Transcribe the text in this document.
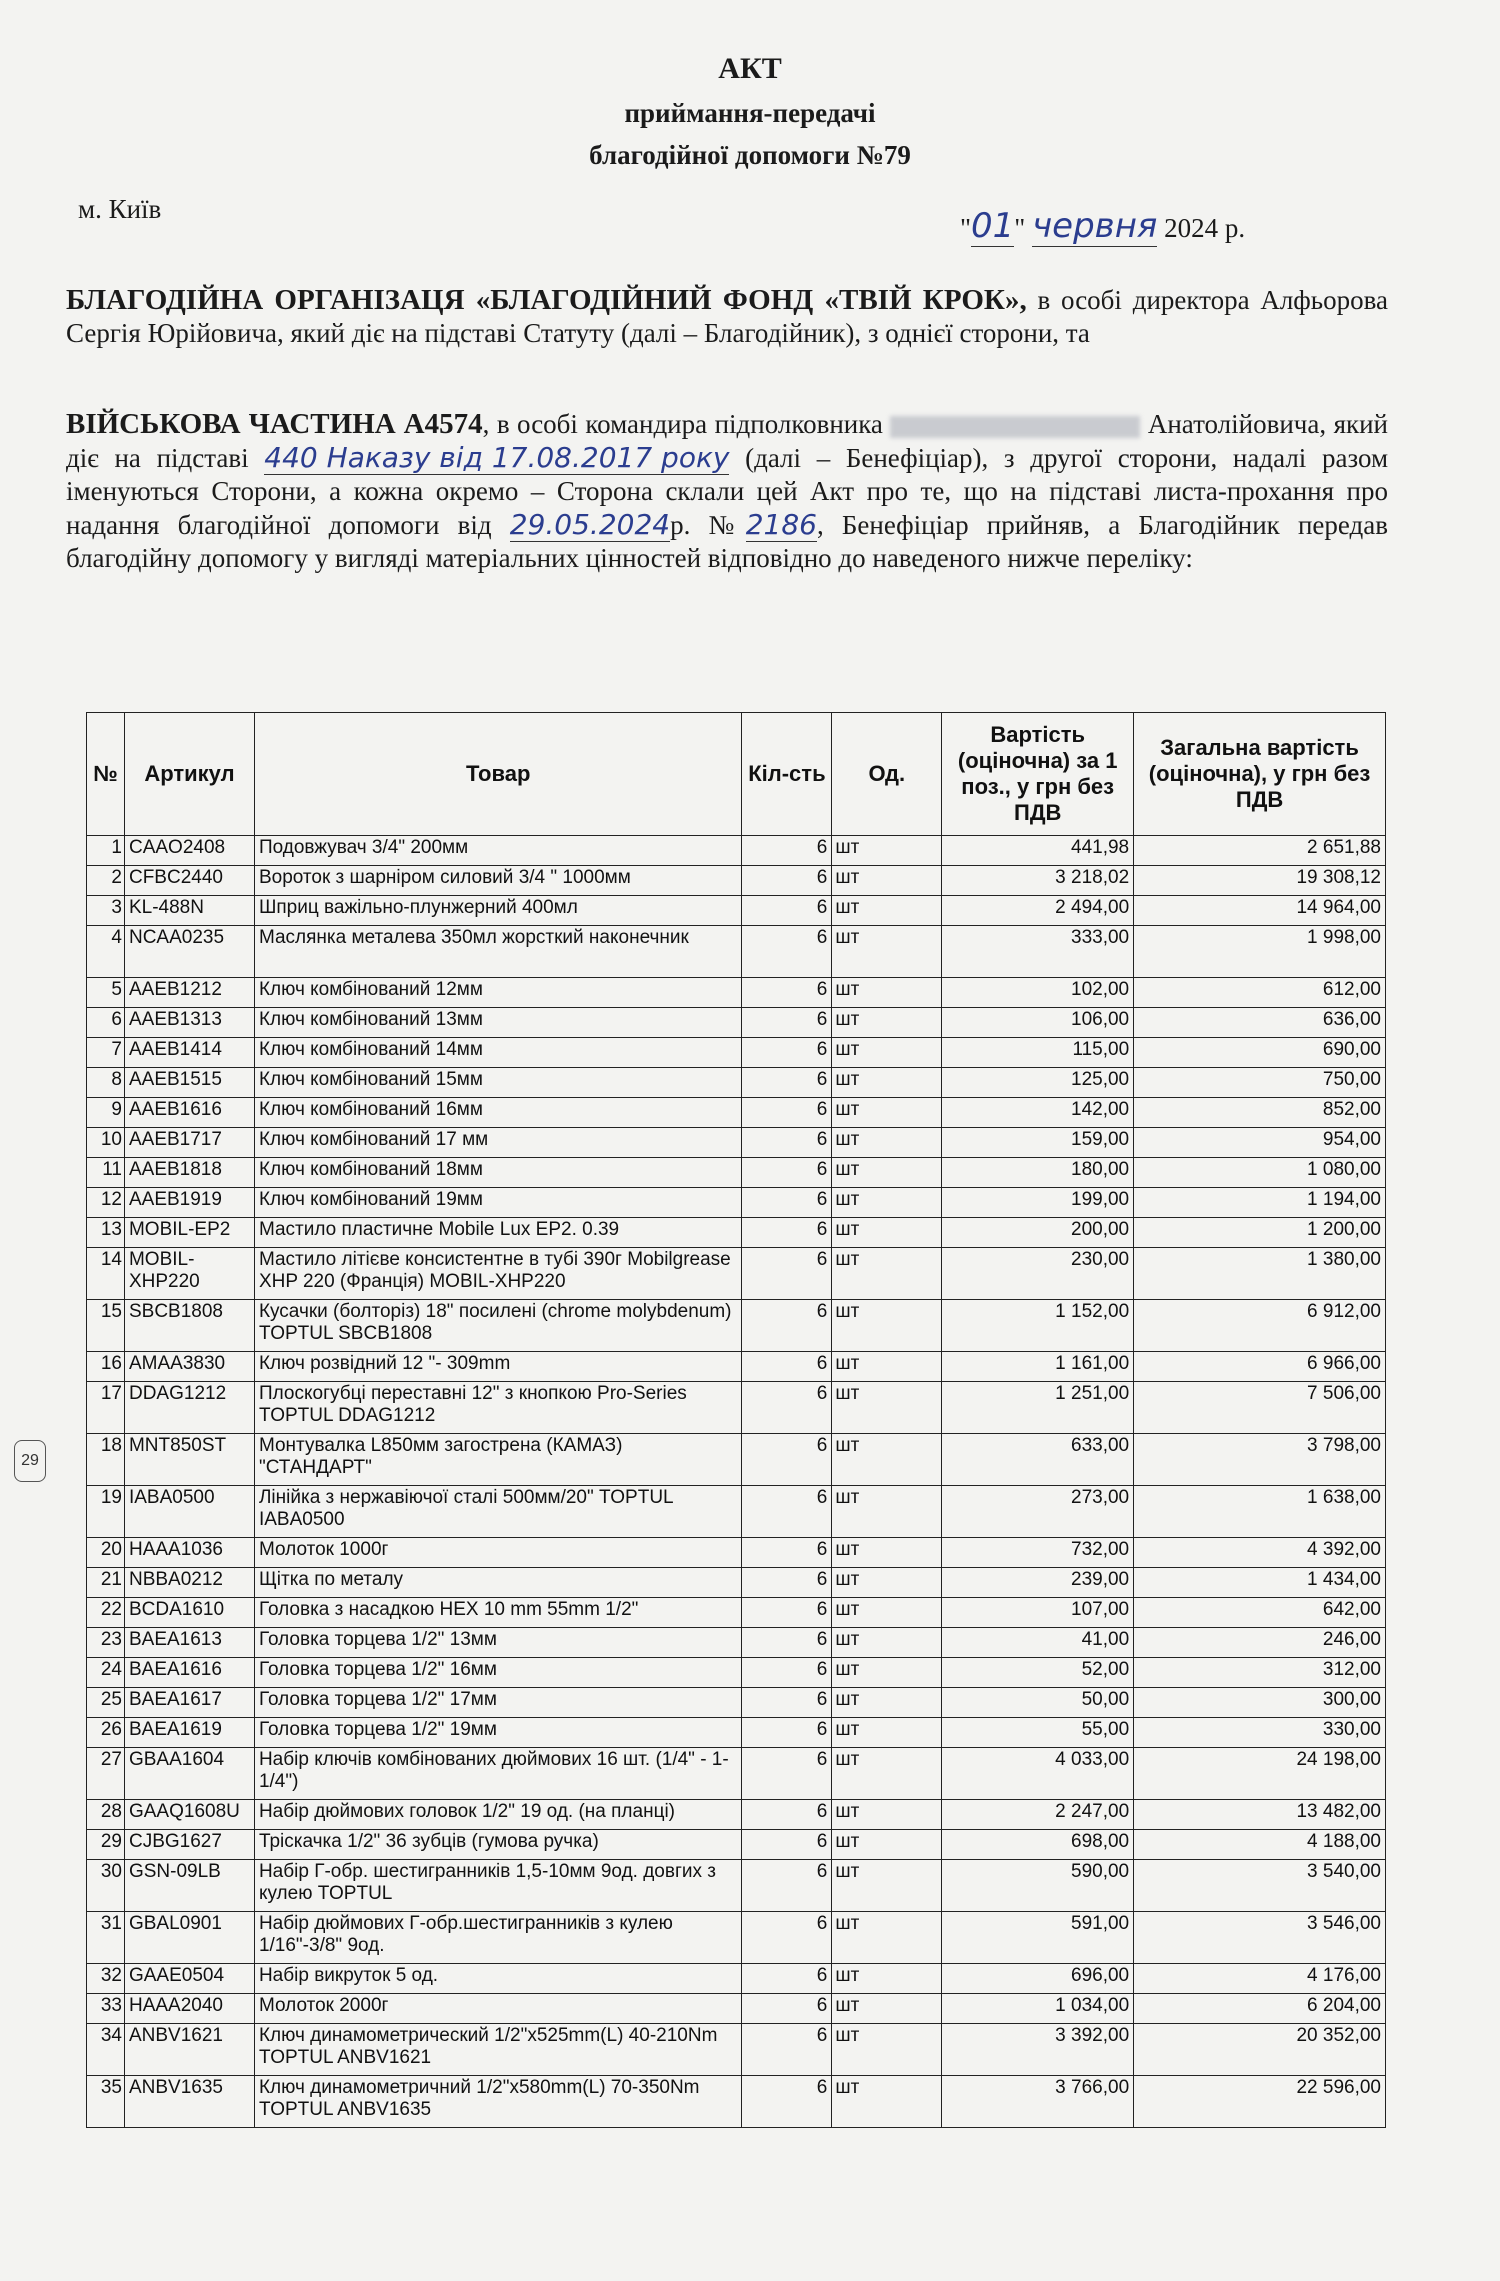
АКТ
приймання-передачі
благодійної допомоги №79
м. Київ
"01" червня 2024 р.
БЛАГОДІЙНА ОРГАНІЗАЦЯ «БЛАГОДІЙНИЙ ФОНД «ТВІЙ КРОК», в особі директора Алфьорова Сергія Юрійовича, який діє на підставі Статуту (далі – Благодійник), з однієї сторони, та
ВІЙСЬКОВА ЧАСТИНА А4574, в особі командира підполковника	Анатолійовича, який діє на підставі 440 Наказу від 17.08.2017 року (далі – Бенефіціар), з другої сторони, надалі разом іменуються Сторони, а кожна окремо – Сторона склали цей Акт про те, що на підставі листа-прохання про надання благодійної допомоги від 29.05.2024р. №2186, Бенефіціар прийняв, а Благодійник передав благодійну допомогу у вигляді матеріальних цінностей відповідно до наведеного нижче переліку:
29
№	Артикул	Товар	Кіл-сть	Од.	Вартість (оціночна) за 1 поз., у грн без ПДВ	Загальна вартість (оціночна), у грн без ПДВ
1	CAAO2408	Подовжувач 3/4" 200мм	6	шт	441,98	2 651,88
2	CFBC2440	Вороток з шарніром силовий 3/4 " 1000мм	6	шт	3 218,02	19 308,12
3	KL-488N	Шприц важільно-плунжерний 400мл	6	шт	2 494,00	14 964,00
4	NCAA0235	Маслянка металева 350мл жорсткий наконечник	6	шт	333,00	1 998,00
5	AAEB1212	Ключ комбінований 12мм	6	шт	102,00	612,00
6	AAEB1313	Ключ комбінований 13мм	6	шт	106,00	636,00
7	AAEB1414	Ключ комбінований 14мм	6	шт	115,00	690,00
8	AAEB1515	Ключ комбінований 15мм	6	шт	125,00	750,00
9	AAEB1616	Ключ комбінований 16мм	6	шт	142,00	852,00
10	AAEB1717	Ключ комбінований 17 мм	6	шт	159,00	954,00
11	AAEB1818	Ключ комбінований 18мм	6	шт	180,00	1 080,00
12	AAEB1919	Ключ комбінований 19мм	6	шт	199,00	1 194,00
13	MOBIL-EP2	Мастило пластичне Mobile Lux EP2. 0.39	6	шт	200,00	1 200,00
14	MOBIL-XHP220	Мастило літієве консистентне в тубі 390г Mobilgrease XHP 220 (Франція) MOBIL-XHP220	6	шт	230,00	1 380,00
15	SBCB1808	Кусачки (болторіз) 18" посилені (chrome molybdenum) TOPTUL SBCB1808	6	шт	1 152,00	6 912,00
16	AMAA3830	Ключ розвідний 12 "- 309mm	6	шт	1 161,00	6 966,00
17	DDAG1212	Плоскогубці переставні 12" з кнопкою Pro-Series TOPTUL DDAG1212	6	шт	1 251,00	7 506,00
18	MNT850ST	Монтувалка L850мм загострена (КАМАЗ) "СТАНДАРТ"	6	шт	633,00	3 798,00
19	IABA0500	Лінійка з нержавіючої сталі 500мм/20" TOPTUL IABA0500	6	шт	273,00	1 638,00
20	HAAA1036	Молоток 1000г	6	шт	732,00	4 392,00
21	NBBA0212	Щітка по металу	6	шт	239,00	1 434,00
22	BCDA1610	Головка з насадкою HEX 10 mm 55mm 1/2"	6	шт	107,00	642,00
23	BAEA1613	Головка торцева 1/2" 13мм	6	шт	41,00	246,00
24	BAEA1616	Головка торцева 1/2" 16мм	6	шт	52,00	312,00
25	BAEA1617	Головка торцева 1/2" 17мм	6	шт	50,00	300,00
26	BAEA1619	Головка торцева 1/2" 19мм	6	шт	55,00	330,00
27	GBAA1604	Набір ключів комбінованих дюймових 16 шт. (1/4" - 1-1/4")	6	шт	4 033,00	24 198,00
28	GAAQ1608U	Набір дюймових головок 1/2" 19 од. (на планці)	6	шт	2 247,00	13 482,00
29	CJBG1627	Тріскачка 1/2" 36 зубців (гумова ручка)	6	шт	698,00	4 188,00
30	GSN-09LB	Набір Г-обр. шестигранників 1,5-10мм 9од. довгих з кулею TOPTUL	6	шт	590,00	3 540,00
31	GBAL0901	Набір дюймових Г-обр.шестигранників з кулею 1/16"-3/8" 9од.	6	шт	591,00	3 546,00
32	GAAE0504	Набір викруток 5 од.	6	шт	696,00	4 176,00
33	HAAA2040	Молоток 2000г	6	шт	1 034,00	6 204,00
34	ANBV1621	Ключ динамометрический 1/2"x525mm(L) 40-210Nm TOPTUL ANBV1621	6	шт	3 392,00	20 352,00
35	ANBV1635	Ключ динамометричний 1/2"x580mm(L) 70-350Nm TOPTUL ANBV1635	6	шт	3 766,00	22 596,00
